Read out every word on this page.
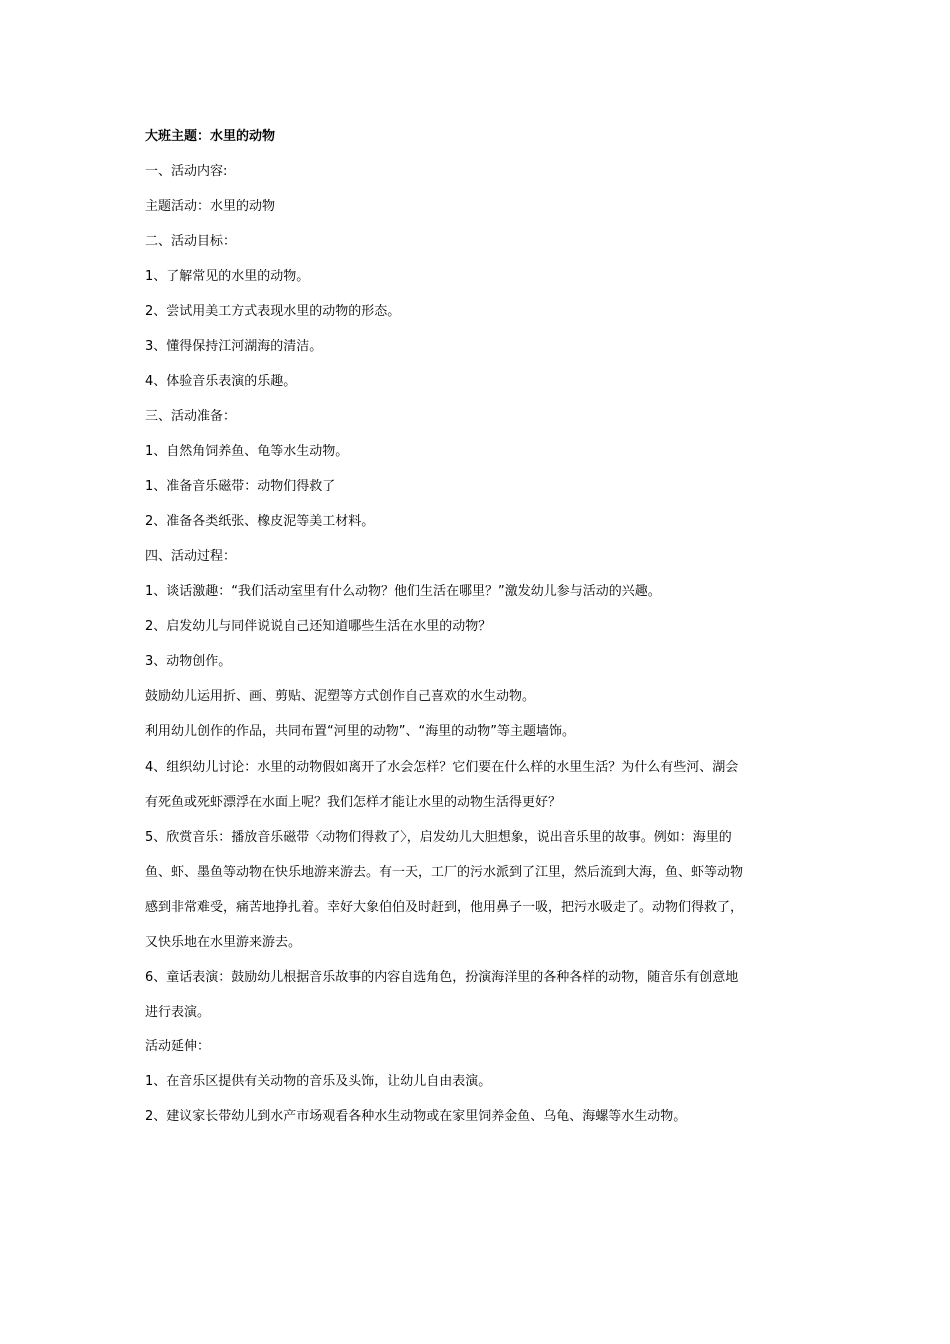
大班主题：水里的动物
一、活动内容:
主题活动：水里的动物
二、活动目标：
1、了解常见的水里的动物。
2、尝试用美工方式表现水里的动物的形态。
3、懂得保持江河湖海的清洁。
4、体验音乐表演的乐趣。
三、活动准备：
1、自然角饲养鱼、龟等水生动物。
1、准备音乐磁带：动物们得救了
2、准备各类纸张、橡皮泥等美工材料。
四、活动过程：
1、谈话激趣：“我们活动室里有什么动物？他们生活在哪里？”激发幼儿参与活动的兴趣。
2、启发幼儿与同伴说说自己还知道哪些生活在水里的动物？
3、动物创作。
鼓励幼儿运用折、画、剪贴、泥塑等方式创作自己喜欢的水生动物。
利用幼儿创作的作品，共同布置“河里的动物”、“海里的动物”等主题墙饰。
4、组织幼儿讨论：水里的动物假如离开了水会怎样？它们要在什么样的水里生活？为什么有些河、湖会
有死鱼或死虾漂浮在水面上呢？我们怎样才能让水里的动物生活得更好？
5、欣赏音乐：播放音乐磁带〈动物们得救了〉，启发幼儿大胆想象，说出音乐里的故事。例如：海里的
鱼、虾、墨鱼等动物在快乐地游来游去。有一天，工厂的污水派到了江里，然后流到大海，鱼、虾等动物
感到非常难受，痛苦地挣扎着。幸好大象伯伯及时赶到，他用鼻子一吸，把污水吸走了。动物们得救了，
又快乐地在水里游来游去。
6、童话表演：鼓励幼儿根据音乐故事的内容自选角色，扮演海洋里的各种各样的动物，随音乐有创意地
进行表演。
活动延伸：
1、在音乐区提供有关动物的音乐及头饰，让幼儿自由表演。
2、建议家长带幼儿到水产市场观看各种水生动物或在家里饲养金鱼、乌龟、海螺等水生动物。
